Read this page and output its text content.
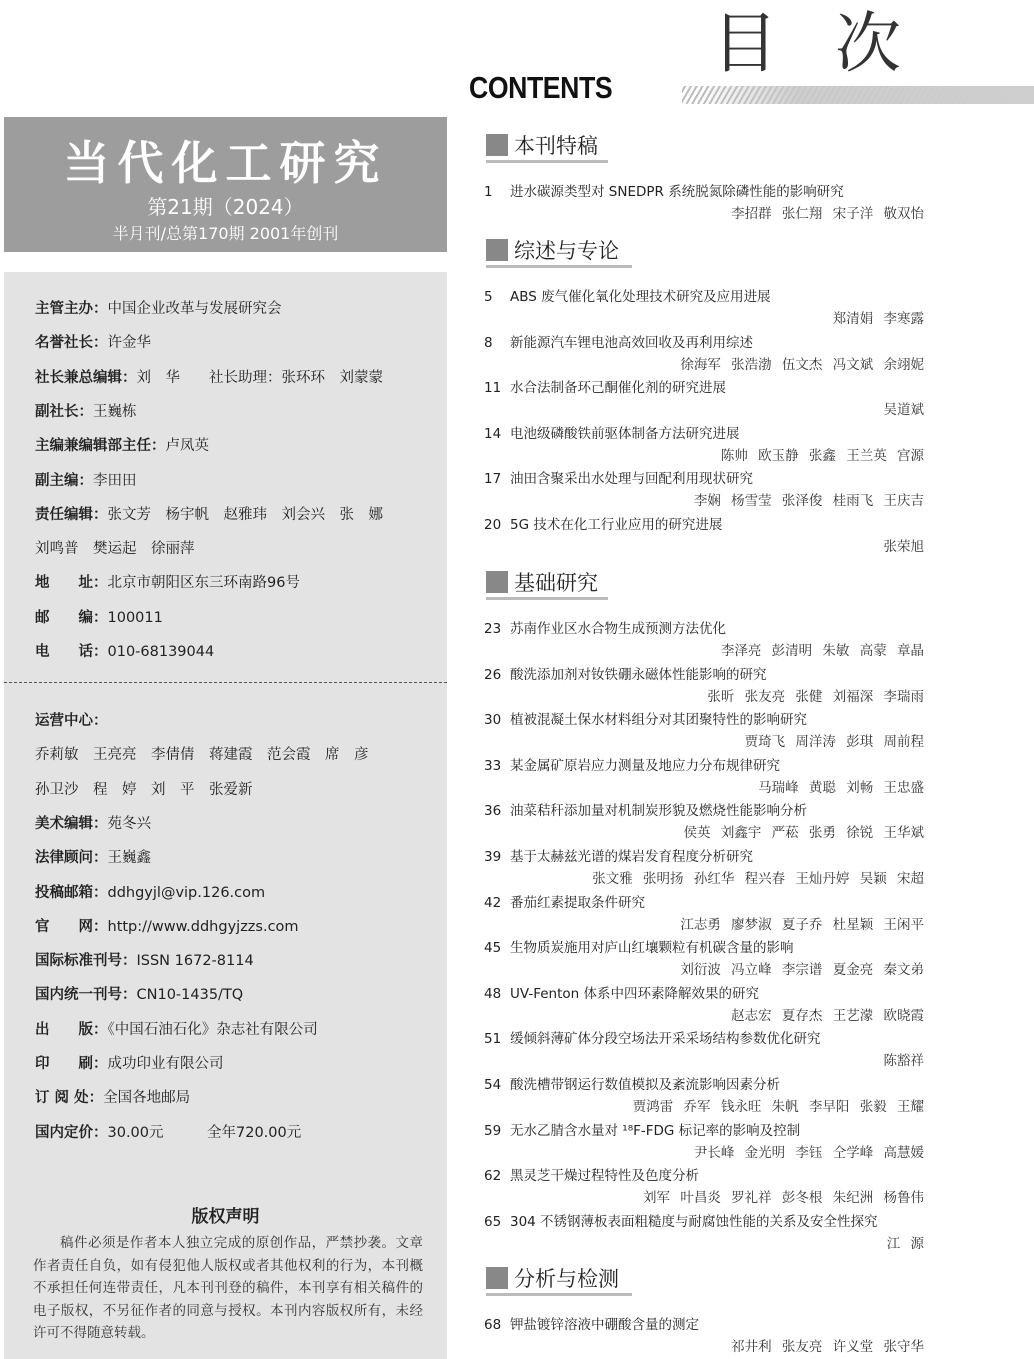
目 次
CONTENTS
当代化工研究
第21期（2024）
半月刊/总第170期 2001年创刊
主管主办：中国企业改革与发展研究会
名誉社长：许金华
社长兼总编辑：刘　华　　社长助理：张环环　刘蒙蒙
副社长：王巍栋
主编兼编辑部主任：卢凤英
副主编：李田田
责任编辑：张文芳　杨宇帆　赵雅玮　刘会兴　张　娜
刘鸣普　樊运起　徐丽萍
地　　址：北京市朝阳区东三环南路96号
邮　　编：100011
电　　话：010-68139044
运营中心：
乔莉敏　王亮亮　李倩倩　蒋建霞　范会霞　席　彦
孙卫沙　程　婷　刘　平　张爱新
美术编辑：苑冬兴
法律顾问：王巍鑫
投稿邮箱：ddhgyjl@vip.126.com
官　　网：http://www.ddhgyjzzs.com
国际标准刊号：ISSN 1672-8114
国内统一刊号：CN10-1435/TQ
出　　版：《中国石油石化》杂志社有限公司
印　　刷：成功印业有限公司
订 阅 处：全国各地邮局
国内定价：30.00元　　　全年720.00元
版权声明
稿件必须是作者本人独立完成的原创作品，严禁抄袭。文章作者责任自负，如有侵犯他人版权或者其他权利的行为，本刊概不承担任何连带责任，凡本刊刊登的稿件，本刊享有相关稿件的电子版权，不另征作者的同意与授权。本刊内容版权所有，未经许可不得随意转载。
本刊特稿
1 进水碳源类型对 SNEDPR 系统脱氮除磷性能的影响研究
李招群 张仁翔 宋子洋 敬双怡
综述与专论
5 ABS 废气催化氧化处理技术研究及应用进展
郑清娟 李寒露
8 新能源汽车锂电池高效回收及再利用综述
徐海军 张浩渤 伍文杰 冯文斌 余翊妮
11 水合法制备环己酮催化剂的研究进展
吴道斌
14 电池级磷酸铁前驱体制备方法研究进展
陈帅 欧玉静 张鑫 王兰英 宫源
17 油田含聚采出水处理与回配利用现状研究
李娴 杨雪莹 张泽俊 桂雨飞 王庆吉
20 5G 技术在化工行业应用的研究进展
张荣旭
基础研究
23 苏南作业区水合物生成预测方法优化
李泽亮 彭清明 朱敏 高蒙 章晶
26 酸洗添加剂对钕铁硼永磁体性能影响的研究
张昕 张友亮 张健 刘福深 李瑞雨
30 植被混凝土保水材料组分对其团聚特性的影响研究
贾琦飞 周洋涛 彭琪 周前程
33 某金属矿原岩应力测量及地应力分布规律研究
马瑞峰 黄聪 刘畅 王忠盛
36 油菜秸秆添加量对机制炭形貌及燃烧性能影响分析
侯英 刘鑫宇 严菘 张勇 徐锐 王华斌
39 基于太赫兹光谱的煤岩发育程度分析研究
张文雅 张明扬 孙红华 程兴春 王灿丹婷 吴颖 宋超
42 番茄红素提取条件研究
江志勇 廖梦淑 夏子乔 杜星颖 王闲平
45 生物质炭施用对庐山红壤颗粒有机碳含量的影响
刘衍波 冯立峰 李宗谱 夏金亮 秦文弟
48 UV-Fenton 体系中四环素降解效果的研究
赵志宏 夏存杰 王艺濛 欧晓霞
51 缓倾斜薄矿体分段空场法开采采场结构参数优化研究
陈豁祥
54 酸洗槽带钢运行数值模拟及紊流影响因素分析
贾鸿雷 乔军 钱永旺 朱帆 李早阳 张毅 王耀
59 无水乙腈含水量对 ¹⁸F-FDG 标记率的影响及控制
尹长峰 金光明 李钰 仝学峰 高慧媛
62 黑灵芝干燥过程特性及色度分析
刘军 叶昌炎 罗礼祥 彭冬根 朱纪洲 杨鲁伟
65 304 不锈钢薄板表面粗糙度与耐腐蚀性能的关系及安全性探究
江 源
分析与检测
68 钾盐镀锌溶液中硼酸含量的测定
祁井利 张友亮 许义堂 张守华
